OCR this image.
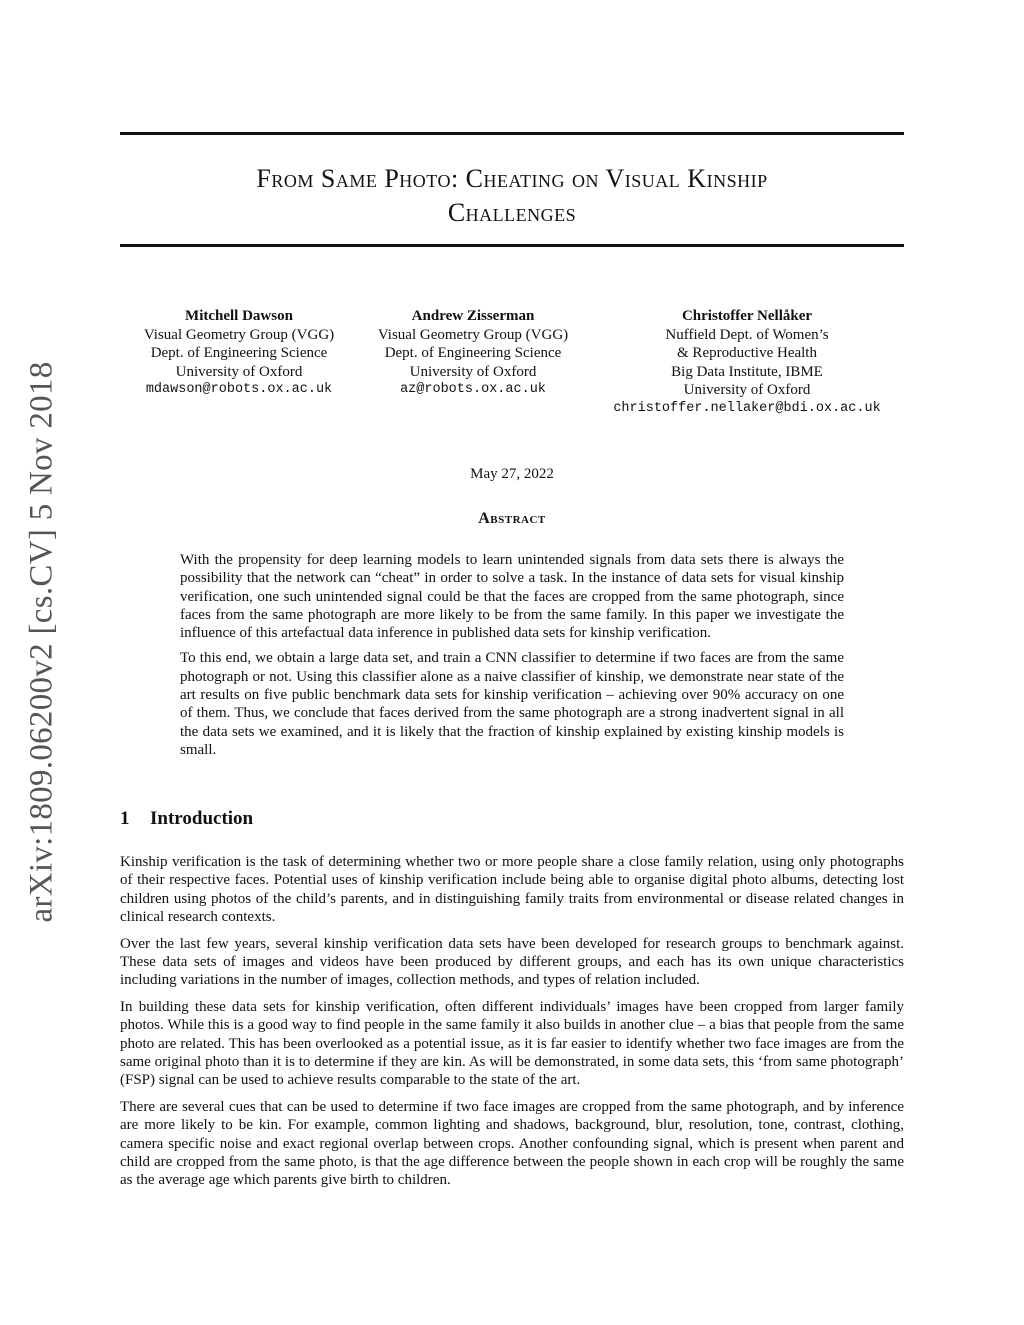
arXiv:1809.06200v2 [cs.CV] 5 Nov 2018
From Same Photo: Cheating on Visual Kinship
Challenges
Mitchell Dawson
Visual Geometry Group (VGG)
Dept. of Engineering Science
University of Oxford
mdawson@robots.ox.ac.uk
Andrew Zisserman
Visual Geometry Group (VGG)
Dept. of Engineering Science
University of Oxford
az@robots.ox.ac.uk
Christoffer Nellåker
Nuffield Dept. of Women’s
& Reproductive Health
Big Data Institute, IBME
University of Oxford
christoffer.nellaker@bdi.ox.ac.uk
May 27, 2022
Abstract

With the propensity for deep learning models to learn unintended signals from data sets there is always the possibility that the network can “cheat” in order to solve a task. In the instance of data sets for visual kinship verification, one such unintended signal could be that the faces are cropped from the same photograph, since faces from the same photograph are more likely to be from the same family. In this paper we investigate the influence of this artefactual data inference in published data sets for kinship verification.

To this end, we obtain a large data set, and train a CNN classifier to determine if two faces are from the same photograph or not. Using this classifier alone as a naive classifier of kinship, we demonstrate near state of the art results on five public benchmark data sets for kinship verification – achieving over 90% accuracy on one of them. Thus, we conclude that faces derived from the same photograph are a strong inadvertent signal in all the data sets we examined, and it is likely that the fraction of kinship explained by existing kinship models is small.

1 Introduction

Kinship verification is the task of determining whether two or more people share a close family relation, using only photographs of their respective faces. Potential uses of kinship verification include being able to organise digital photo albums, detecting lost children using photos of the child’s parents, and in distinguishing family traits from environmental or disease related changes in clinical research contexts.

Over the last few years, several kinship verification data sets have been developed for research groups to benchmark against. These data sets of images and videos have been produced by different groups, and each has its own unique characteristics including variations in the number of images, collection methods, and types of relation included.

In building these data sets for kinship verification, often different individuals’ images have been cropped from larger family photos. While this is a good way to find people in the same family it also builds in another clue – a bias that people from the same photo are related. This has been overlooked as a potential issue, as it is far easier to identify whether two face images are from the same original photo than it is to determine if they are kin. As will be demonstrated, in some data sets, this ‘from same photograph’ (FSP) signal can be used to achieve results comparable to the state of the art.

There are several cues that can be used to determine if two face images are cropped from the same photograph, and by inference are more likely to be kin. For example, common lighting and shadows, background, blur, resolution, tone, contrast, clothing, camera specific noise and exact regional overlap between crops. Another confounding signal, which is present when parent and child are cropped from the same photo, is that the age difference between the people shown in each crop will be roughly the same as the average age which parents give birth to children.
